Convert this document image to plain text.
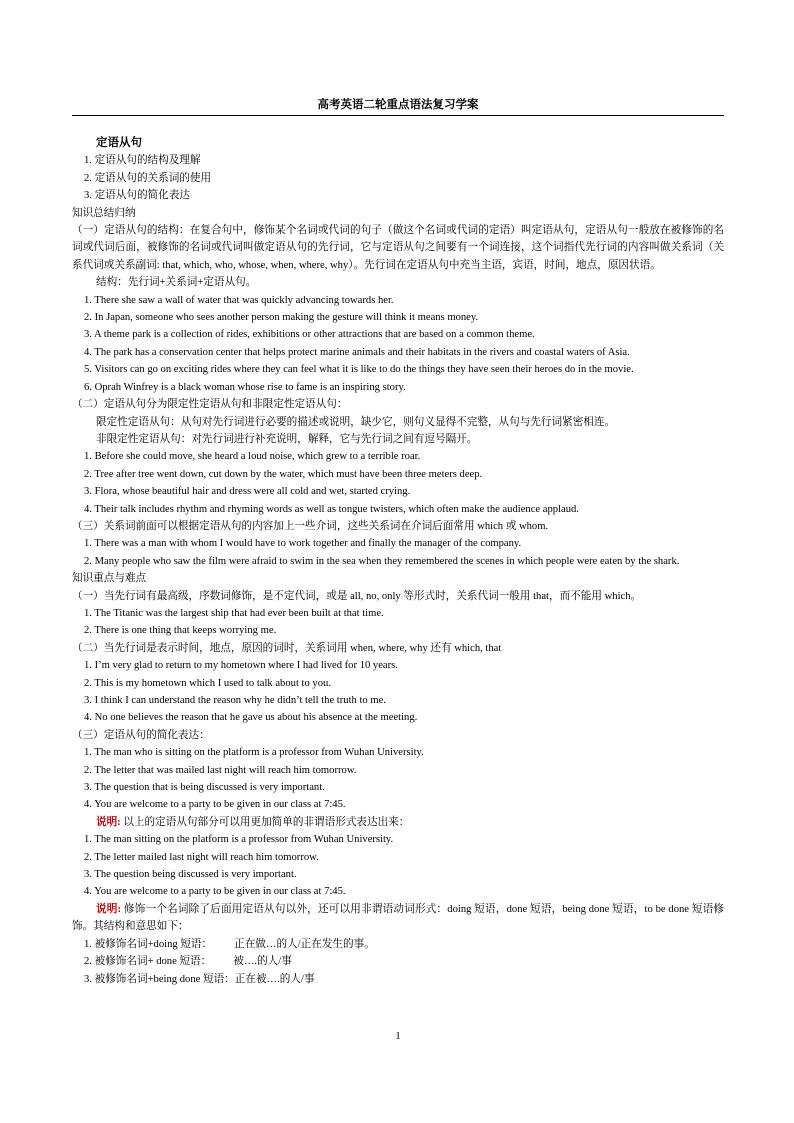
高考英语二轮重点语法复习学案
定语从句
1. 定语从句的结构及理解
2. 定语从句的关系词的使用
3. 定语从句的简化表达
知识总结归纳
（一）定语从句的结构：在复合句中，修饰某个名词或代词的句子（做这个名词或代词的定语）叫定语从句，定语从句一般放在被修饰的名词或代词后面，被修饰的名词或代词叫做定语从句的先行词，它与定语从句之间要有一个词连接，这个词指代先行词的内容叫做关系词（关系代词或关系副词: that, which, who, whose, when, where, why）。先行词在定语从句中充当主语，宾语，时间，地点，原因状语。
结构：先行词+关系词+定语从句。
1. There she saw a wall of water that was quickly advancing towards her.
2. In Japan, someone who sees another person making the gesture will think it means money.
3. A theme park is a collection of rides, exhibitions or other attractions that are based on a common theme.
4. The park has a conservation center that helps protect marine animals and their habitats in the rivers and coastal waters of Asia.
5. Visitors can go on exciting rides where they can feel what it is like to do the things they have seen their heroes do in the movie.
6. Oprah Winfrey is a black woman whose rise to fame is an inspiring story.
（二）定语从句分为限定性定语从句和非限定性定语从句：
限定性定语从句：从句对先行词进行必要的描述或说明，缺少它，则句义显得不完整，从句与先行词紧密相连。
非限定性定语从句：对先行词进行补充说明，解释，它与先行词之间有逗号隔开。
1. Before she could move, she heard a loud noise, which grew to a terrible roar.
2. Tree after tree went down, cut down by the water, which must have been three meters deep.
3. Flora, whose beautiful hair and dress were all cold and wet, started crying.
4. Their talk includes rhythm and rhyming words as well as tongue twisters, which often make the audience applaud.
（三）关系词前面可以根据定语从句的内容加上一些介词，这些关系词在介词后面常用 which 或 whom.
1. There was a man with whom I would have to work together and finally the manager of the company.
2. Many people who saw the film were afraid to swim in the sea when they remembered the scenes in which people were eaten by the shark.
知识重点与难点
（一）当先行词有最高级，序数词修饰，是不定代词，或是 all, no, only 等形式时，关系代词一般用 that，而不能用 which。
1. The Titanic was the largest ship that had ever been built at that time.
2. There is one thing that keeps worrying me.
（二）当先行词是表示时间，地点，原因的词时，关系词用 when, where, why 还有 which, that
1. I’m very glad to return to my hometown where I had lived for 10 years.
2. This is my hometown which I used to talk about to you.
3. I think I can understand the reason why he didn’t tell the truth to me.
4. No one believes the reason that he gave us about his absence at the meeting.
（三）定语从句的简化表达：
1. The man who is sitting on the platform is a professor from Wuhan University.
2. The letter that was mailed last night will reach him tomorrow.
3. The question that is being discussed is very important.
4. You are welcome to a party to be given in our class at 7:45.
说明: 以上的定语从句部分可以用更加简单的非谓语形式表达出来：
1. The man sitting on the platform is a professor from Wuhan University.
2. The letter mailed last night will reach him tomorrow.
3. The question being discussed is very important.
4. You are welcome to a party to be given in our class at 7:45.
说明: 修饰一个名词除了后面用定语从句以外，还可以用非谓语动词形式：doing 短语，done 短语，being done 短语，to be done 短语修饰。其结构和意思如下：
1. 被修饰名词+doing 短语： 正在做…的人/正在发生的事。
2. 被修饰名词+ done 短语： 被….的人/事
3. 被修饰名词+being done 短语：正在被….的人/事
1
